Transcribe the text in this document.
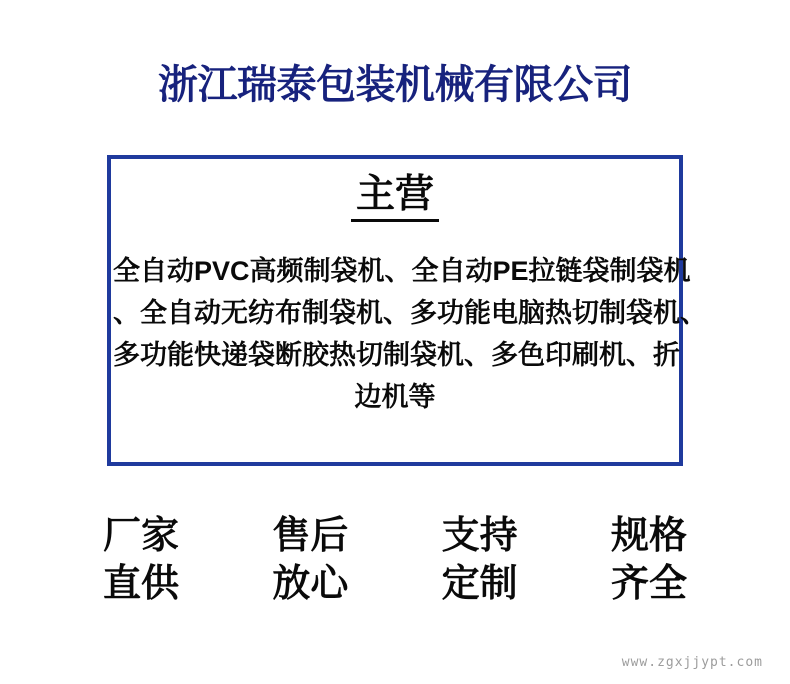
浙江瑞泰包装机械有限公司
主营
全自动PVC高频制袋机、全自动PE拉链袋制袋机
、全自动无纺布制袋机、多功能电脑热切制袋机、
多功能快递袋断胶热切制袋机、多色印刷机、折
边机等
厂家
直供
售后
放心
支持
定制
规格
齐全
www.zgxjjypt.com
